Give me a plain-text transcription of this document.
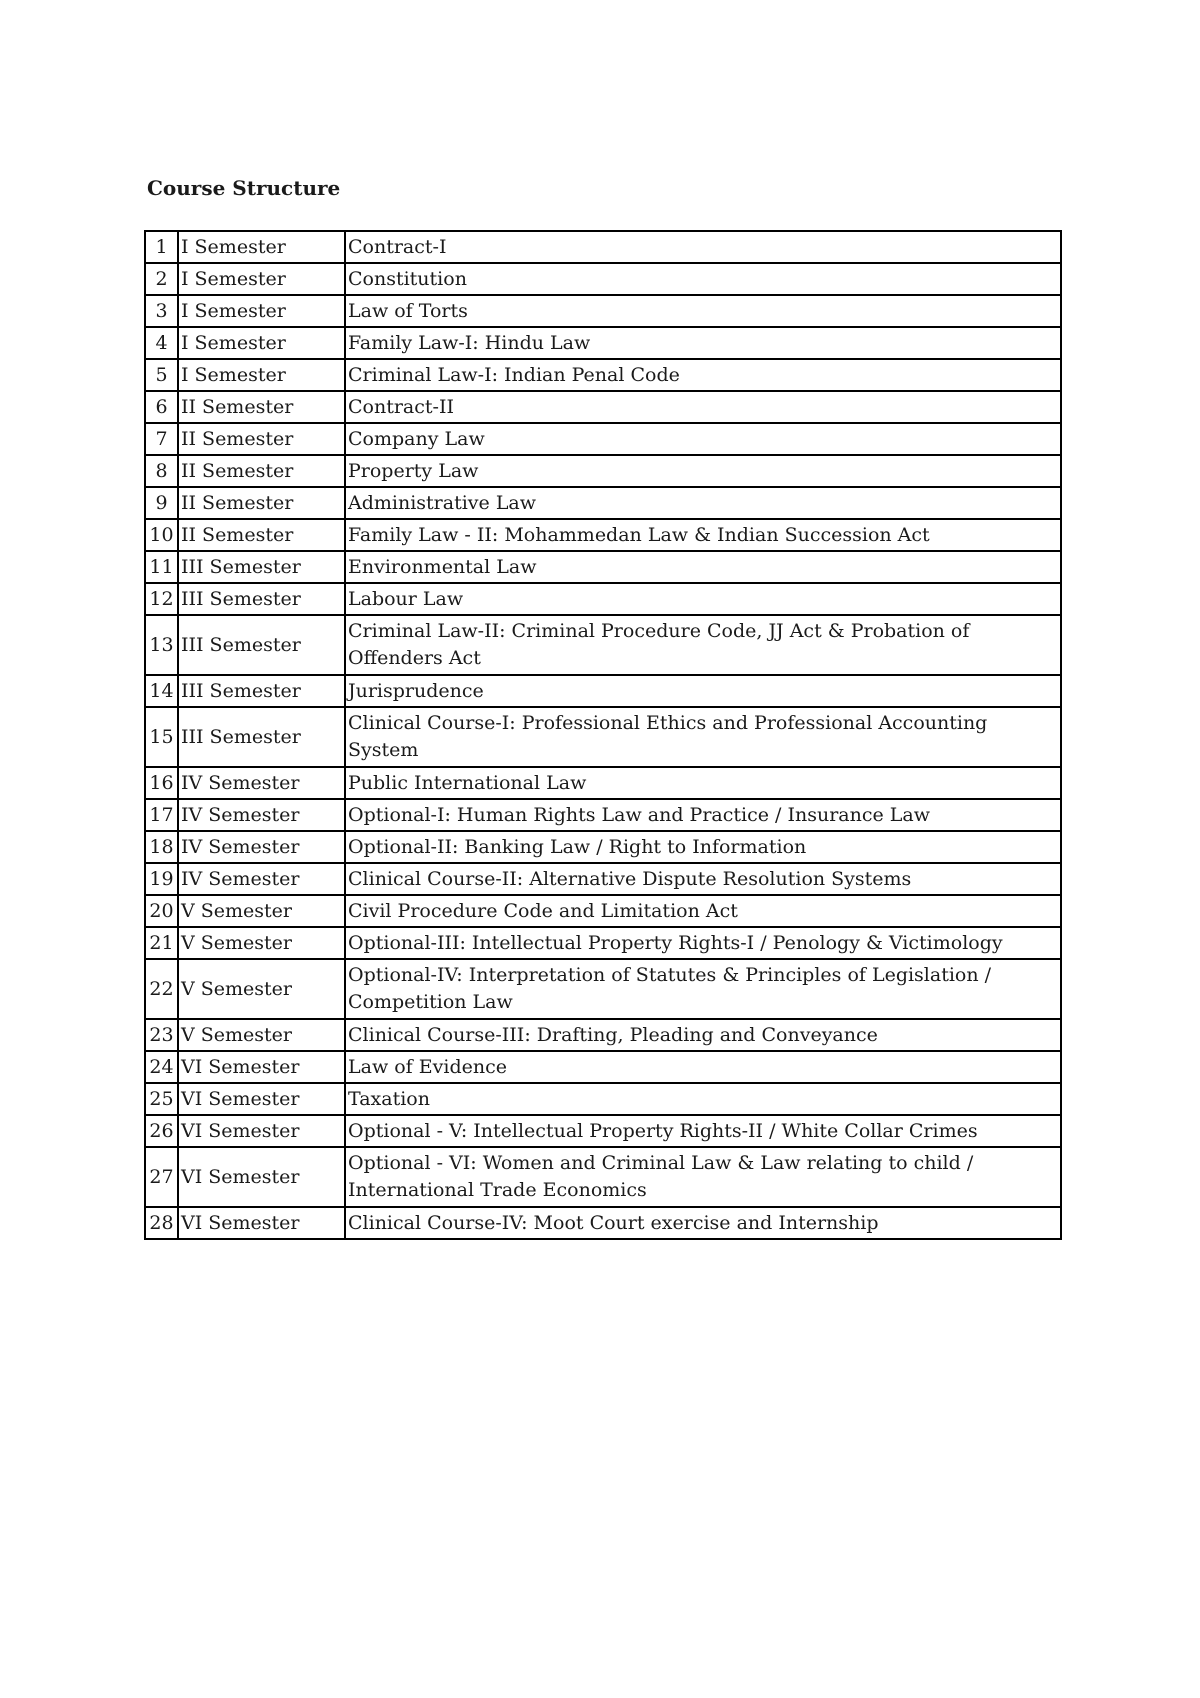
Course Structure
1	I Semester	Contract-I
2	I Semester	Constitution
3	I Semester	Law of Torts
4	I Semester	Family Law-I: Hindu Law
5	I Semester	Criminal Law-I: Indian Penal Code
6	II Semester	Contract-II
7	II Semester	Company Law
8	II Semester	Property Law
9	II Semester	Administrative Law
10	II Semester	Family Law - II: Mohammedan Law & Indian Succession Act
11	III Semester	Environmental Law
12	III Semester	Labour Law
13	III Semester	Criminal Law-II: Criminal Procedure Code, JJ Act & Probation of Offenders Act
14	III Semester	Jurisprudence
15	III Semester	Clinical Course-I: Professional Ethics and Professional Accounting System
16	IV Semester	Public International Law
17	IV Semester	Optional-I: Human Rights Law and Practice / Insurance Law
18	IV Semester	Optional-II: Banking Law / Right to Information
19	IV Semester	Clinical Course-II: Alternative Dispute Resolution Systems
20	V Semester	Civil Procedure Code and Limitation Act
21	V Semester	Optional-III: Intellectual Property Rights-I / Penology & Victimology
22	V Semester	Optional-IV: Interpretation of Statutes & Principles of Legislation / Competition Law
23	V Semester	Clinical Course-III: Drafting, Pleading and Conveyance
24	VI Semester	Law of Evidence
25	VI Semester	Taxation
26	VI Semester	Optional - V: Intellectual Property Rights-II / White Collar Crimes
27	VI Semester	Optional - VI: Women and Criminal Law & Law relating to child / International Trade Economics
28	VI Semester	Clinical Course-IV: Moot Court exercise and Internship
